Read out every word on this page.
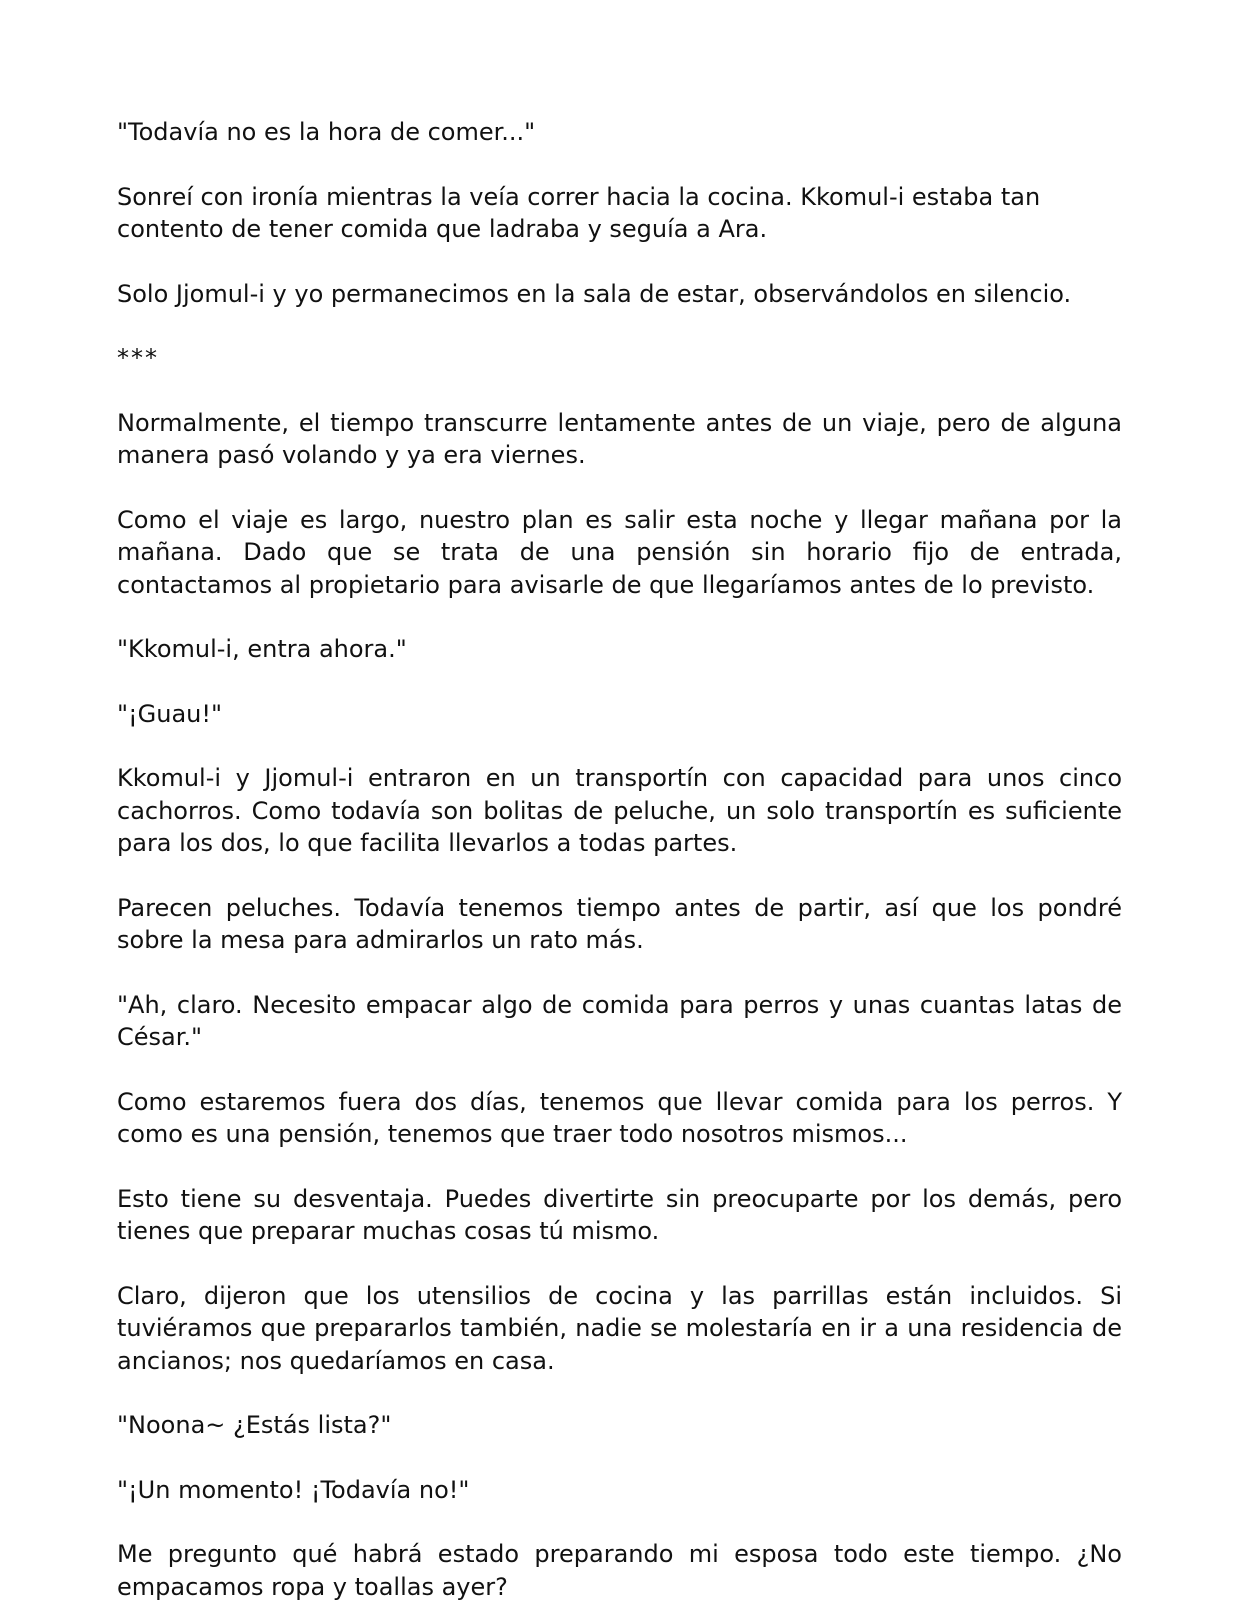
"Todavía no es la hora de comer..."

Sonreí con ironía mientras la veía correr hacia la cocina. Kkomul-i estaba tan contento de tener comida que ladraba y seguía a Ara.

Solo Jjomul-i y yo permanecimos en la sala de estar, observándolos en silencio.

***

Normalmente, el tiempo transcurre lentamente antes de un viaje, pero de alguna manera pasó volando y ya era viernes.

Como el viaje es largo, nuestro plan es salir esta noche y llegar mañana por la mañana. Dado que se trata de una pensión sin horario fijo de entrada, contactamos al propietario para avisarle de que llegaríamos antes de lo previsto.

"Kkomul-i, entra ahora."

"¡Guau!"

Kkomul-i y Jjomul-i entraron en un transportín con capacidad para unos cinco cachorros. Como todavía son bolitas de peluche, un solo transportín es suficiente para los dos, lo que facilita llevarlos a todas partes.

Parecen peluches. Todavía tenemos tiempo antes de partir, así que los pondré sobre la mesa para admirarlos un rato más.

"Ah, claro. Necesito empacar algo de comida para perros y unas cuantas latas de César."

Como estaremos fuera dos días, tenemos que llevar comida para los perros. Y como es una pensión, tenemos que traer todo nosotros mismos...

Esto tiene su desventaja. Puedes divertirte sin preocuparte por los demás, pero tienes que preparar muchas cosas tú mismo.

Claro, dijeron que los utensilios de cocina y las parrillas están incluidos. Si tuviéramos que prepararlos también, nadie se molestaría en ir a una residencia de ancianos; nos quedaríamos en casa.

"Noona~ ¿Estás lista?"

"¡Un momento! ¡Todavía no!"

Me pregunto qué habrá estado preparando mi esposa todo este tiempo. ¿No empacamos ropa y toallas ayer?
